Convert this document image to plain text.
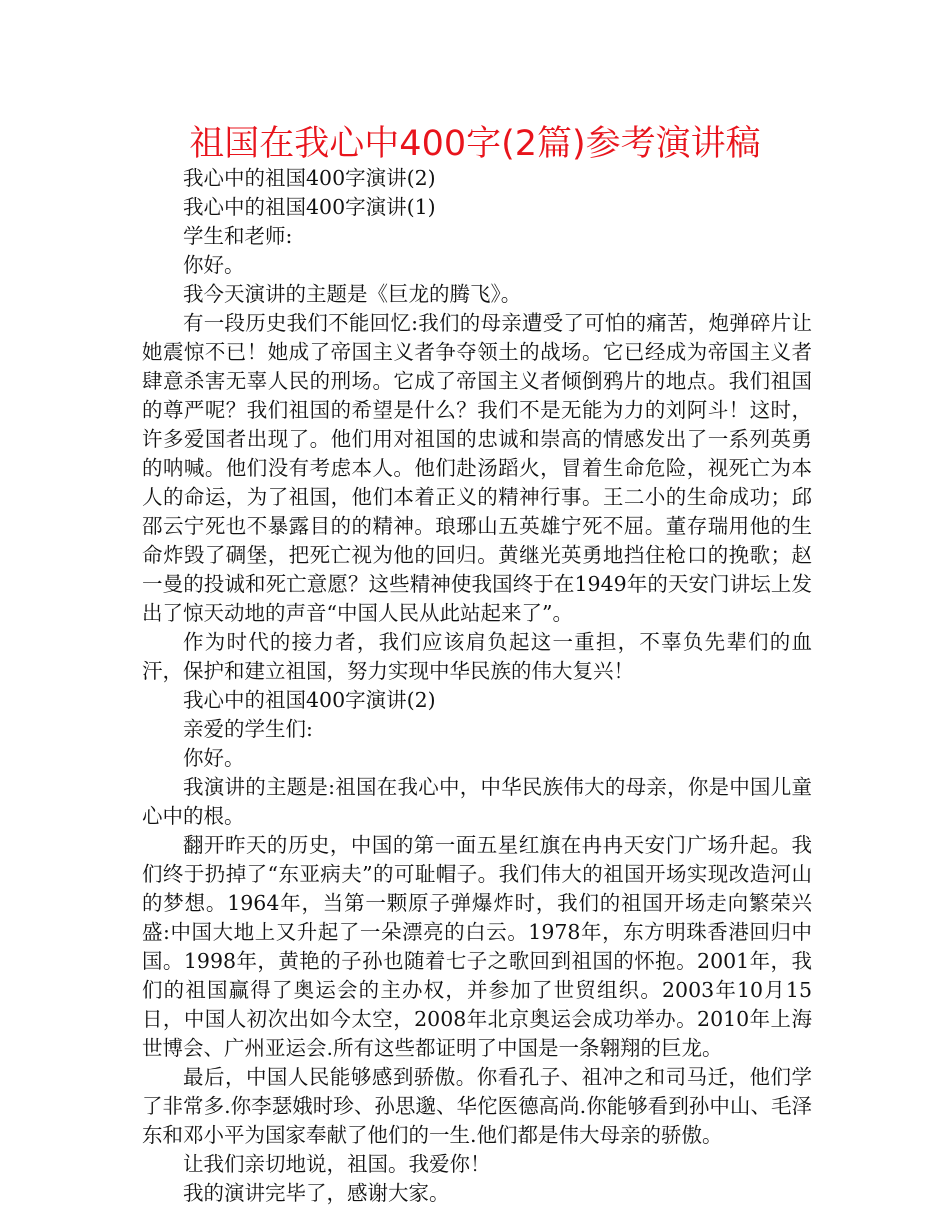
祖国在我心中400字(2篇)参考演讲稿

我心中的祖国400字演讲(2)

我心中的祖国400字演讲(1)

学生和老师:

你好。

我今天演讲的主题是《巨龙的腾飞》。

有一段历史我们不能回忆:我们的母亲遭受了可怕的痛苦，炮弹碎片让她震惊不已！她成了帝国主义者争夺领土的战场。它已经成为帝国主义者肆意杀害无辜人民的刑场。它成了帝国主义者倾倒鸦片的地点。我们祖国的尊严呢？我们祖国的希望是什么？我们不是无能为力的刘阿斗！这时，许多爱国者出现了。他们用对祖国的忠诚和崇高的情感发出了一系列英勇的呐喊。他们没有考虑本人。他们赴汤蹈火，冒着生命危险，视死亡为本人的命运，为了祖国，他们本着正义的精神行事。王二小的生命成功；邱邵云宁死也不暴露目的的精神。琅琊山五英雄宁死不屈。董存瑞用他的生命炸毁了碉堡，把死亡视为他的回归。黄继光英勇地挡住枪口的挽歌；赵一曼的投诚和死亡意愿？这些精神使我国终于在1949年的天安门讲坛上发出了惊天动地的声音“中国人民从此站起来了”。

作为时代的接力者，我们应该肩负起这一重担，不辜负先辈们的血汗，保护和建立祖国，努力实现中华民族的伟大复兴！

我心中的祖国400字演讲(2)

亲爱的学生们:

你好。

我演讲的主题是:祖国在我心中，中华民族伟大的母亲，你是中国儿童心中的根。

翻开昨天的历史，中国的第一面五星红旗在冉冉天安门广场升起。我们终于扔掉了“东亚病夫”的可耻帽子。我们伟大的祖国开场实现改造河山的梦想。1964年，当第一颗原子弹爆炸时，我们的祖国开场走向繁荣兴盛:中国大地上又升起了一朵漂亮的白云。1978年，东方明珠香港回归中国。1998年，黄艳的子孙也随着七子之歌回到祖国的怀抱。2001年，我们的祖国赢得了奥运会的主办权，并参加了世贸组织。2003年10月15日，中国人初次出如今太空，2008年北京奥运会成功举办。2010年上海世博会、广州亚运会.所有这些都证明了中国是一条翱翔的巨龙。

最后，中国人民能够感到骄傲。你看孔子、祖冲之和司马迁，他们学了非常多.你李瑟娥时珍、孙思邈、华佗医德高尚.你能够看到孙中山、毛泽东和邓小平为国家奉献了他们的一生.他们都是伟大母亲的骄傲。

让我们亲切地说，祖国。我爱你！

我的演讲完毕了，感谢大家。
